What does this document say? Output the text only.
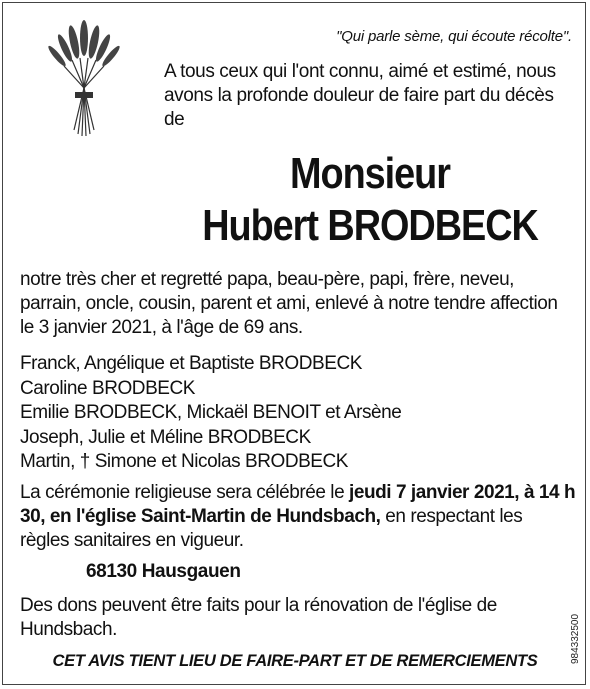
"Qui parle sème, qui écoute récolte".
A tous ceux qui l'ont connu, aimé et estimé, nous avons la profonde douleur de faire part du décès de
Monsieur
Hubert BRODBECK
notre très cher et regretté papa, beau-père, papi, frère, neveu, parrain, oncle, cousin, parent et ami, enlevé à notre tendre affection le 3 janvier 2021, à l'âge de 69 ans.
Franck, Angélique et Baptiste BRODBECK
Caroline BRODBECK
Emilie BRODBECK, Mickaël BENOIT et Arsène
Joseph, Julie et Méline BRODBECK
Martin, † Simone et Nicolas BRODBECK
La cérémonie religieuse sera célébrée le jeudi 7 janvier 2021, à 14 h 30, en l'église Saint-Martin de Hundsbach, en respectant les règles sanitaires en vigueur.
68130 Hausgauen
Des dons peuvent être faits pour la rénovation de l'église de Hundsbach.
CET AVIS TIENT LIEU DE FAIRE-PART ET DE REMERCIEMENTS	984332500
